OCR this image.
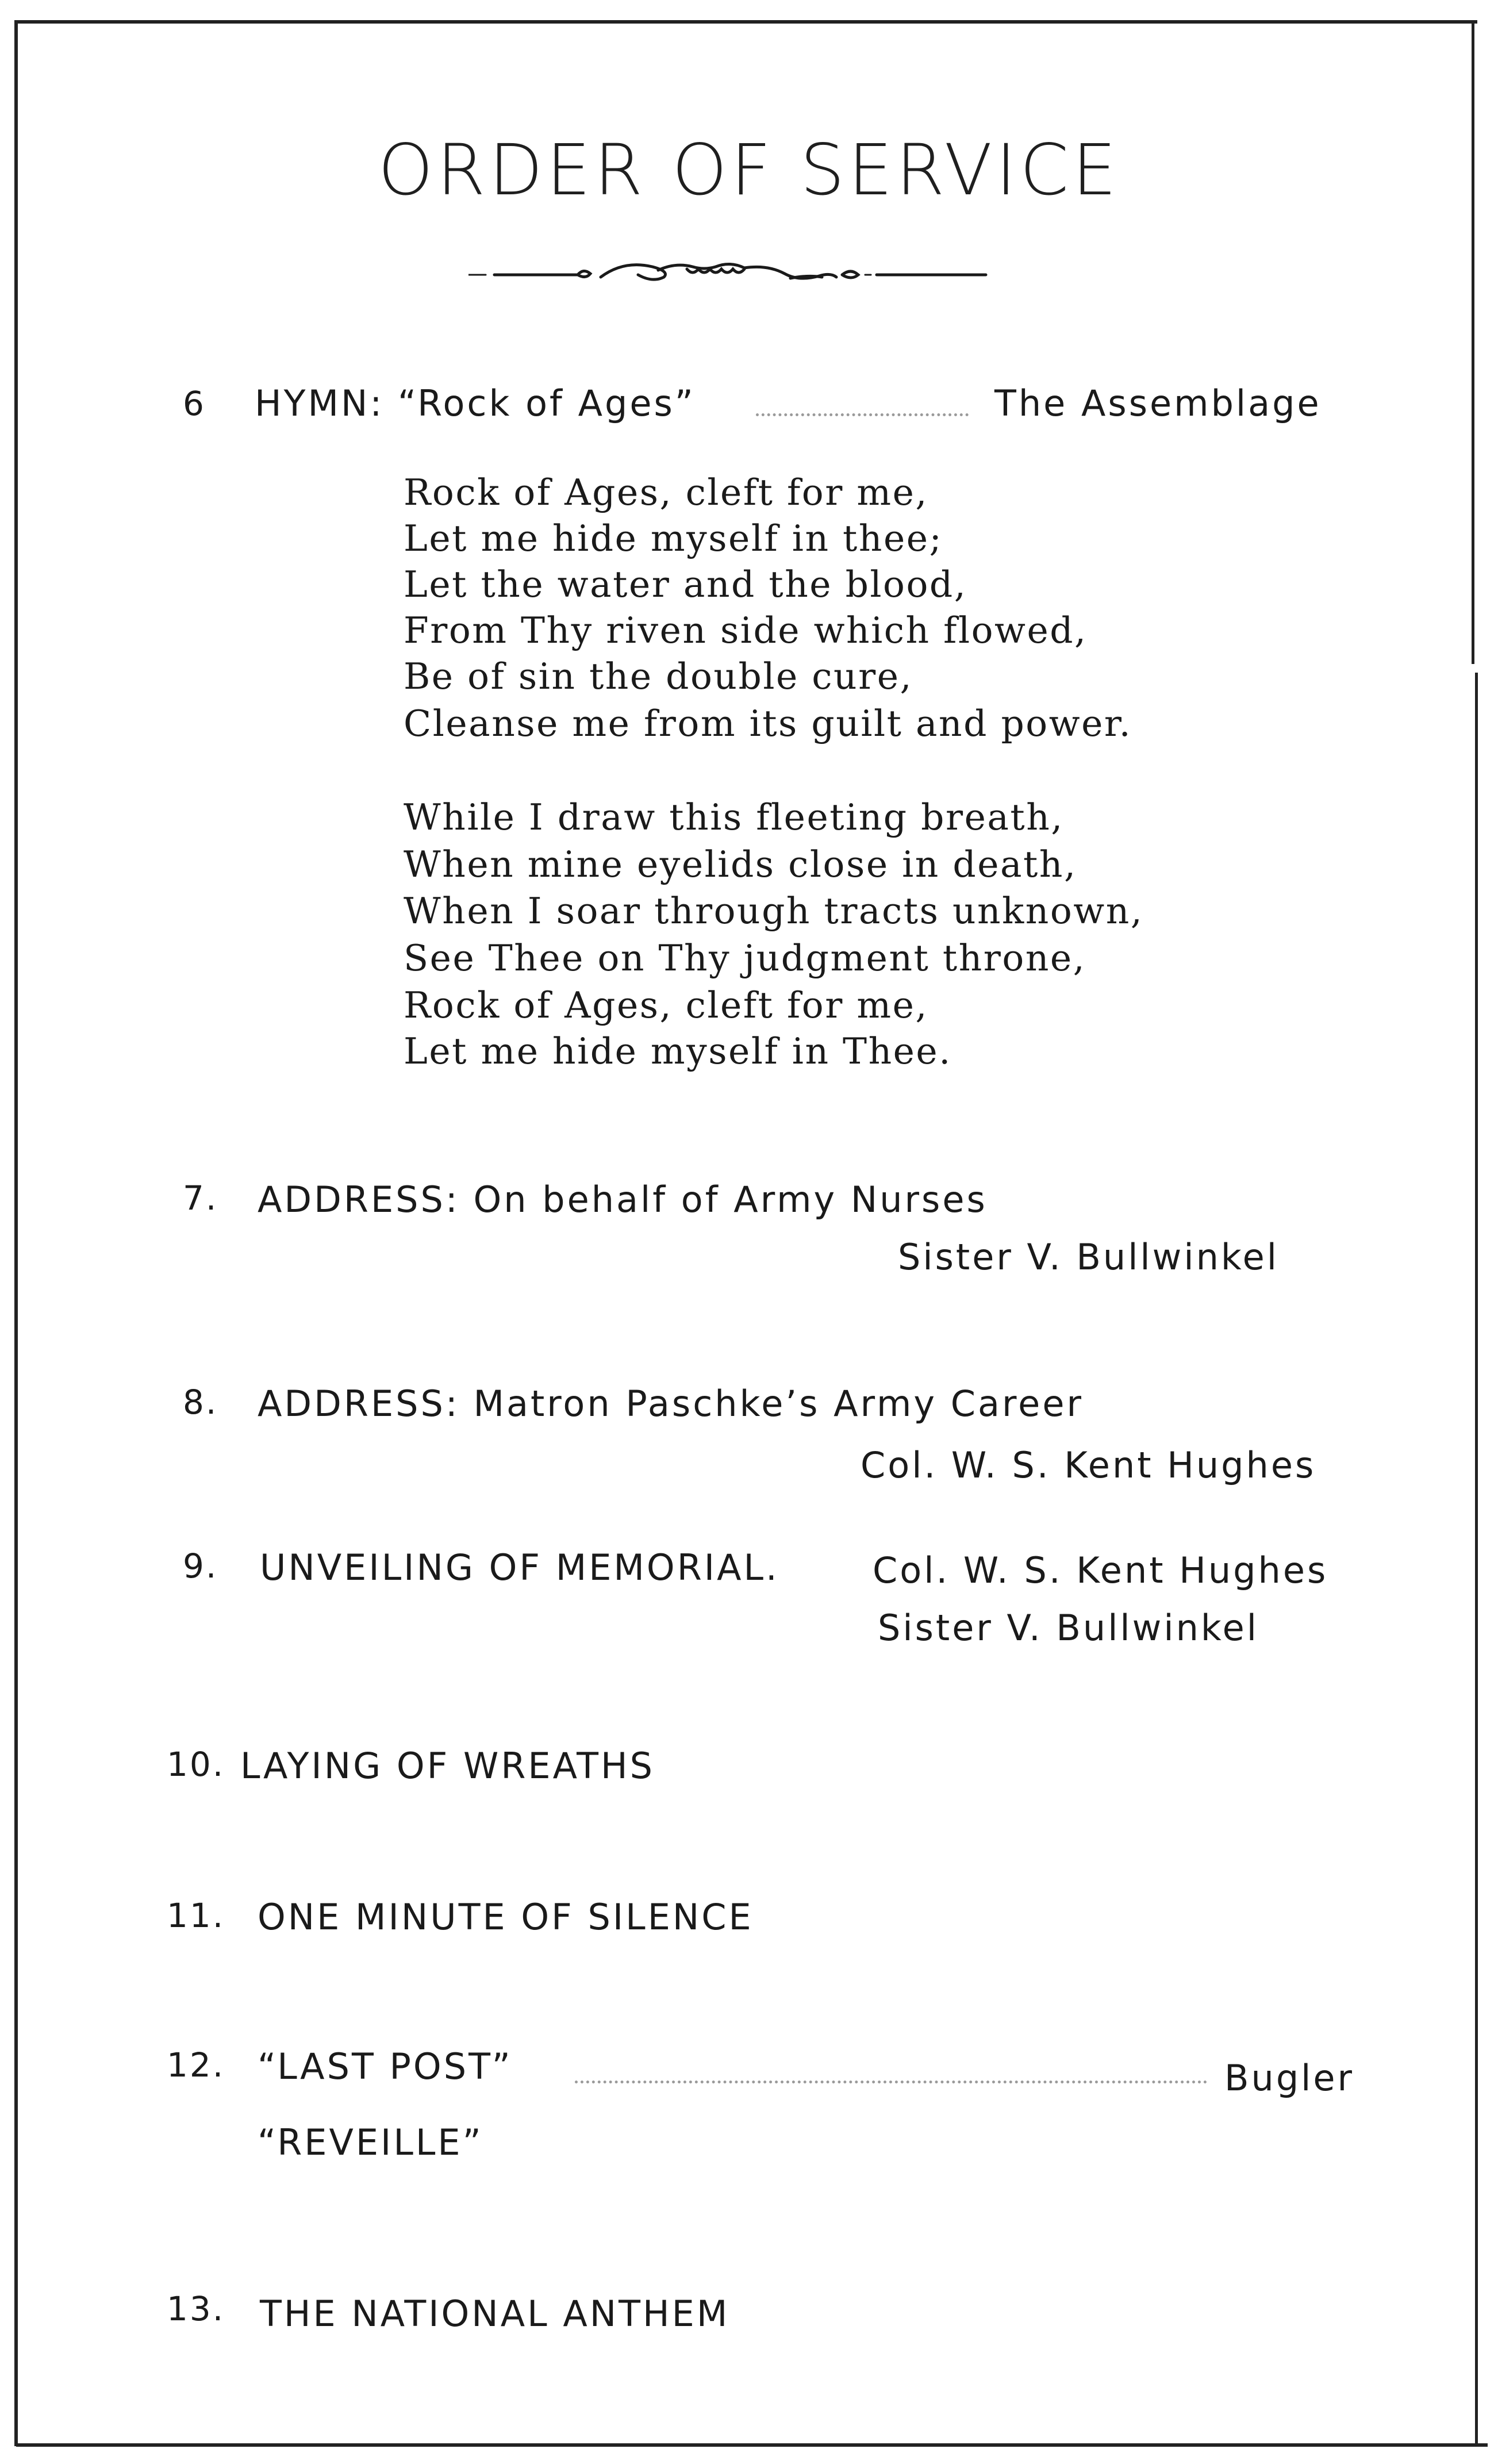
ORDER OF SERVICE
6 HYMN: “Rock of Ages”	The Assemblage
Rock of Ages, cleft for me,
Let me hide myself in thee;
Let the water and the blood,
From Thy riven side which flowed,
Be of sin the double cure,
Cleanse me from its guilt and power.
While I draw this fleeting breath,
When mine eyelids close in death,
When I soar through tracts unknown,
See Thee on Thy judgment throne,
Rock of Ages, cleft for me,
Let me hide myself in Thee.
7. ADDRESS: On behalf of Army Nurses
Sister V. Bullwinkel
8. ADDRESS: Matron Paschke’s Army Career
Col. W. S. Kent Hughes
9. UNVEILING OF MEMORIAL.	Col. W. S. Kent Hughes
Sister V. Bullwinkel
10. LAYING OF WREATHS
11. ONE MINUTE OF SILENCE
12. “LAST POST”	Bugler
“REVEILLE”
13. THE NATIONAL ANTHEM
